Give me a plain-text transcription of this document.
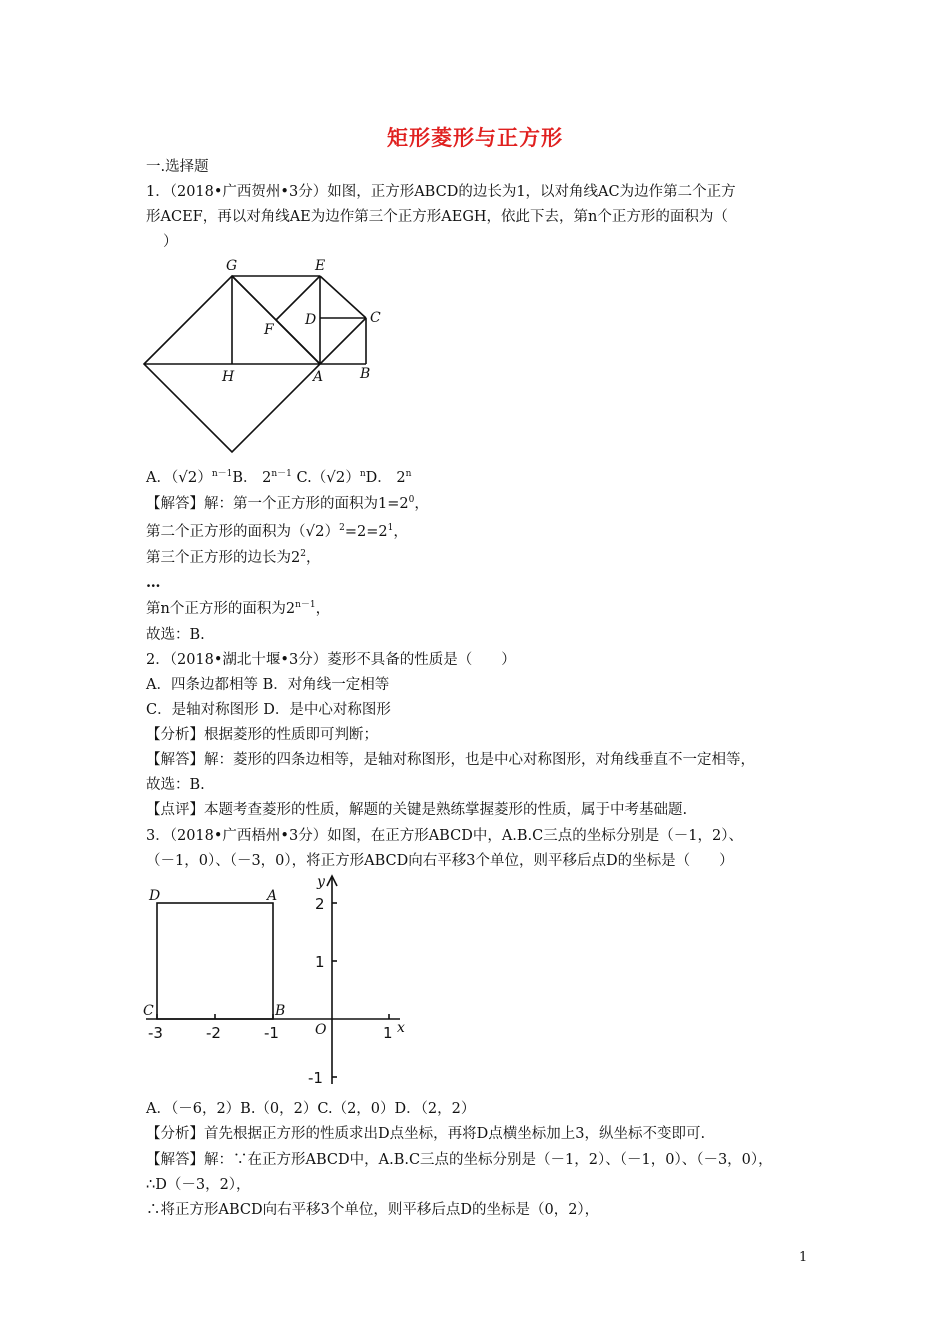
矩形菱形与正方形
一.选择题
1．（2018•广西贺州•3分）如图，正方形ABCD的边长为1，以对角线AC为边作第二个正方
形ACEF，再以对角线AE为边作第三个正方形AEGH，依此下去，第n个正方形的面积为（
）
G	E
D	C
F
H	A	B
A．$(√2)^{n-1}B$． $2^{n-1}$ $C.(√2)^nD$． 2$^n$
【解答】解：第一个正方形的面积为$1=2^0$，
第二个正方形的面积为$(√2)^2=2=2^1$，
第三个正方形的边长为$2^2$，
…
第n个正方形的面积为$2^{n-1}$，
故选：B.
2．（2018•湖北十堰•3分）菱形不具备的性质是（　　）
A．四条边都相等 B．对角线一定相等
C．是轴对称图形 D．是中心对称图形
【分析】根据菱形的性质即可判断；
【解答】解：菱形的四条边相等，是轴对称图形，也是中心对称图形，对角线垂直不一定相等，
故选：B.
【点评】本题考查菱形的性质，解题的关键是熟练掌握菱形的性质，属于中考基础题.
3．（2018•广西梧州•3分）如图，在正方形ABCD中，A.B.C三点的坐标分别是（－1，2）、
（－1，0）、（－3，0），将正方形ABCD向右平移3个单位，则平移后点D的坐标是（　　）
D	A
C	B
O	x
y
-3	-2	-1	1
2
1
-1
A．（－6，2）B.（0，2）C.（2，0）D．（2，2）
【分析】首先根据正方形的性质求出D点坐标，再将D点横坐标加上3，纵坐标不变即可.
【解答】解：∵在正方形ABCD中，A.B.C三点的坐标分别是（－1，2）、（－1，0）、（－3，0），
∴D（－3，2），
∴将正方形ABCD向右平移3个单位，则平移后点D的坐标是（0，2），
1
